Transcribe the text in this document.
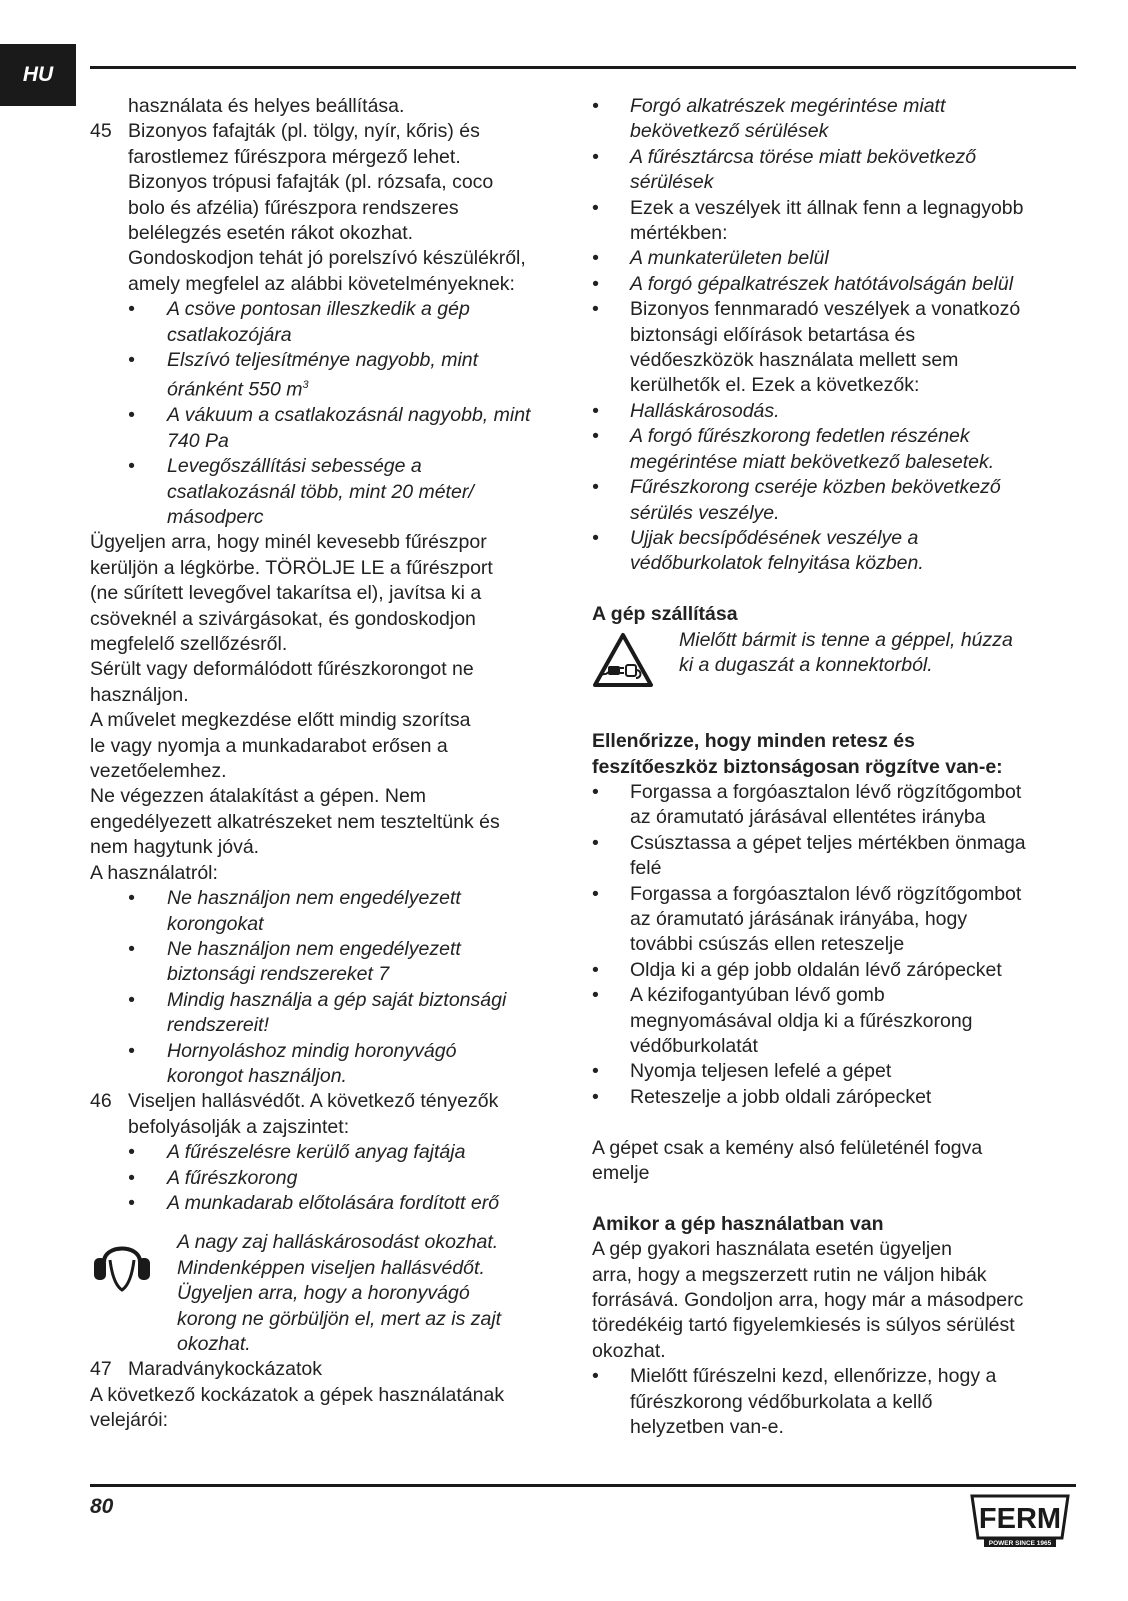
HU
használata és helyes beállítása.
45 Bizonyos fafajták (pl. tölgy, nyír, kőris) és
farostlemez fűrészpora mérgező lehet.
Bizonyos trópusi fafajták (pl. rózsafa, coco
bolo és afzélia) fűrészpora rendszeres
belélegzés esetén rákot okozhat.
Gondoskodjon tehát jó porelszívó készülékről,
amely megfelel az alábbi követelményeknek:
• A csöve pontosan illeszkedik a gép
csatlakozójára
• Elszívó teljesítménye nagyobb, mint
óránként 550 $m^3$
• A vákuum a csatlakozásnál nagyobb, mint
740 Pa
• Levegőszállítási sebessége a
csatlakozásnál több, mint 20 méter/
másodperc
Ügyeljen arra, hogy minél kevesebb fűrészpor
kerüljön a légkörbe. TÖRÖLJE LE a fűrészport
(ne sűrített levegővel takarítsa el), javítsa ki a
csöveknél a szivárgásokat, és gondoskodjon
megfelelő szellőzésről.
Sérült vagy deformálódott fűrészkorongot ne
használjon.
A művelet megkezdése előtt mindig szorítsa
le vagy nyomja a munkadarabot erősen a
vezetőelemhez.
Ne végezzen átalakítást a gépen. Nem
engedélyezett alkatrészeket nem teszteltünk és
nem hagytunk jóvá.
A használatról:
• Ne használjon nem engedélyezett
korongokat
• Ne használjon nem engedélyezett
biztonsági rendszereket 7
• Mindig használja a gép saját biztonsági
rendszereit!
• Hornyoláshoz mindig horonyvágó
korongot használjon.
46 Viseljen hallásvédőt. A következő tényezők
befolyásolják a zajszintet:
• A fűrészelésre kerülő anyag fajtája
• A fűrészkorong
• A munkadarab előtolására fordított erő
A nagy zaj halláskárosodást okozhat.
Mindenképpen viseljen hallásvédőt.
Ügyeljen arra, hogy a horonyvágó
korong ne görbüljön el, mert az is zajt
okozhat.
47 Maradványkockázatok
A következő kockázatok a gépek használatának
velejárói:
• Forgó alkatrészek megérintése miatt
bekövetkező sérülések
• A fűrésztárcsa törése miatt bekövetkező
sérülések
• Ezek a veszélyek itt állnak fenn a legnagyobb
mértékben:
• A munkaterületen belül
• A forgó gépalkatrészek hatótávolságán belül
• Bizonyos fennmaradó veszélyek a vonatkozó
biztonsági előírások betartása és
védőeszközök használata mellett sem
kerülhetők el. Ezek a következők:
• Halláskárosodás.
• A forgó fűrészkorong fedetlen részének
megérintése miatt bekövetkező balesetek.
• Fűrészkorong cseréje közben bekövetkező
sérülés veszélye.
• Ujjak becsípődésének veszélye a
védőburkolatok felnyitása közben.
A gép szállítása
Mielőtt bármit is tenne a géppel, húzza
ki a dugaszát a konnektorból.
Ellenőrizze, hogy minden retesz és
feszítőeszköz biztonságosan rögzítve van-e:
• Forgassa a forgóasztalon lévő rögzítőgombot
az óramutató járásával ellentétes irányba
• Csúsztassa a gépet teljes mértékben önmaga
felé
• Forgassa a forgóasztalon lévő rögzítőgombot
az óramutató járásának irányába, hogy
további csúszás ellen reteszelje
• Oldja ki a gép jobb oldalán lévő zárópecket
• A kézifogantyúban lévő gomb
megnyomásával oldja ki a fűrészkorong
védőburkolatát
• Nyomja teljesen lefelé a gépet
• Reteszelje a jobb oldali zárópecket
A gépet csak a kemény alsó felületénél fogva
emelje
Amikor a gép használatban van
A gép gyakori használata esetén ügyeljen
arra, hogy a megszerzett rutin ne váljon hibák
forrásává. Gondoljon arra, hogy már a másodperc
töredékéig tartó figyelemkiesés is súlyos sérülést
okozhat.
• Mielőtt fűrészelni kezd, ellenőrizze, hogy a
fűrészkorong védőburkolata a kellő
helyzetben van-e.
80	FERM
POWER SINCE 1965
